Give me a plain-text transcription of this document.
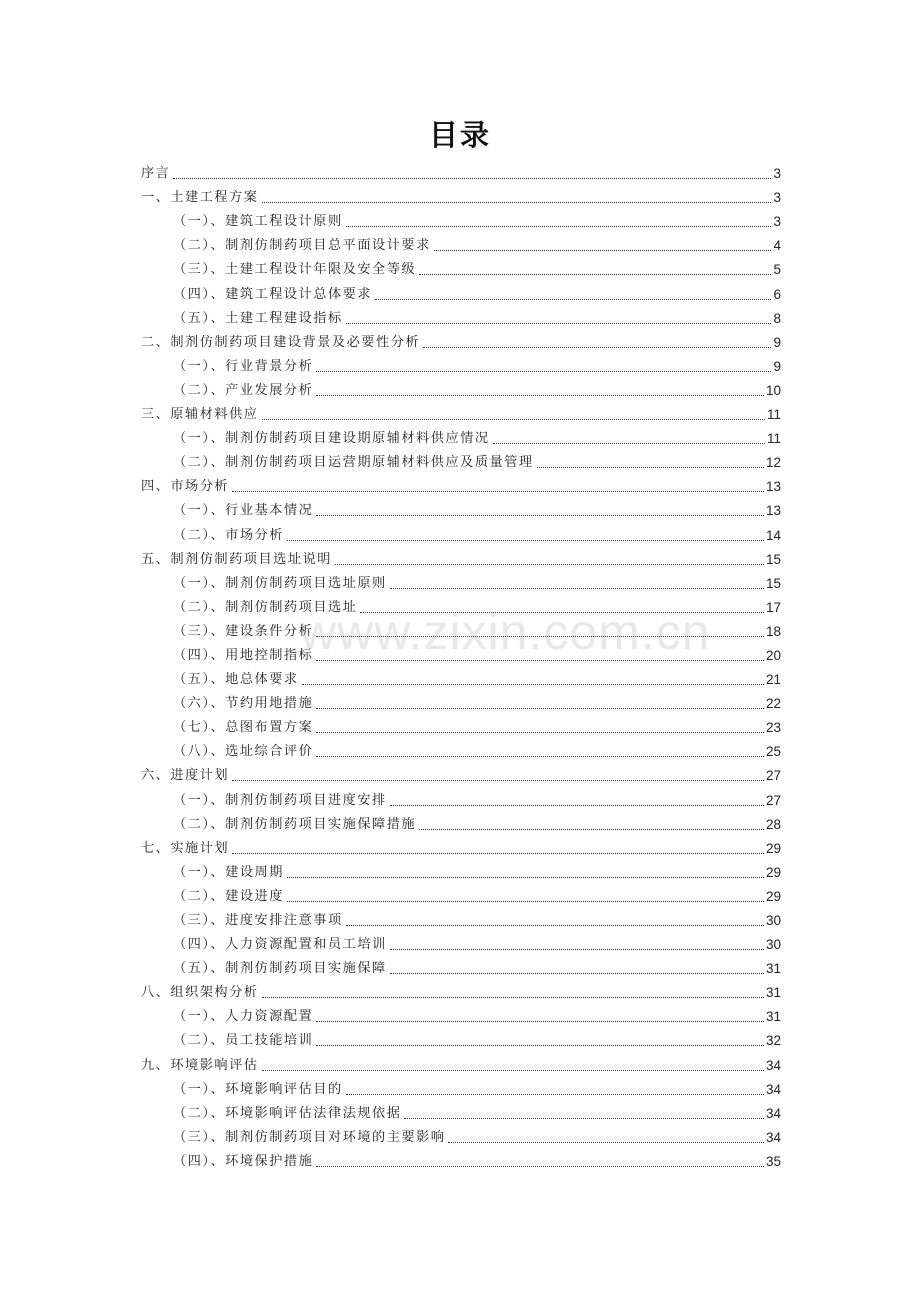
目录
www.zixin.com.cn
序言	3
一、土建工程方案	3
（一）、建筑工程设计原则	3
（二）、制剂仿制药项目总平面设计要求	4
（三）、土建工程设计年限及安全等级	5
（四）、建筑工程设计总体要求	6
（五）、土建工程建设指标	8
二、制剂仿制药项目建设背景及必要性分析	9
（一）、行业背景分析	9
（二）、产业发展分析	10
三、原辅材料供应	11
（一）、制剂仿制药项目建设期原辅材料供应情况	11
（二）、制剂仿制药项目运营期原辅材料供应及质量管理	12
四、市场分析	13
（一）、行业基本情况	13
（二）、市场分析	14
五、制剂仿制药项目选址说明	15
（一）、制剂仿制药项目选址原则	15
（二）、制剂仿制药项目选址	17
（三）、建设条件分析	18
（四）、用地控制指标	20
（五）、地总体要求	21
（六）、节约用地措施	22
（七）、总图布置方案	23
（八）、选址综合评价	25
六、进度计划	27
（一）、制剂仿制药项目进度安排	27
（二）、制剂仿制药项目实施保障措施	28
七、实施计划	29
（一）、建设周期	29
（二）、建设进度	29
（三）、进度安排注意事项	30
（四）、人力资源配置和员工培训	30
（五）、制剂仿制药项目实施保障	31
八、组织架构分析	31
（一）、人力资源配置	31
（二）、员工技能培训	32
九、环境影响评估	34
（一）、环境影响评估目的	34
（二）、环境影响评估法律法规依据	34
（三）、制剂仿制药项目对环境的主要影响	34
（四）、环境保护措施	35
